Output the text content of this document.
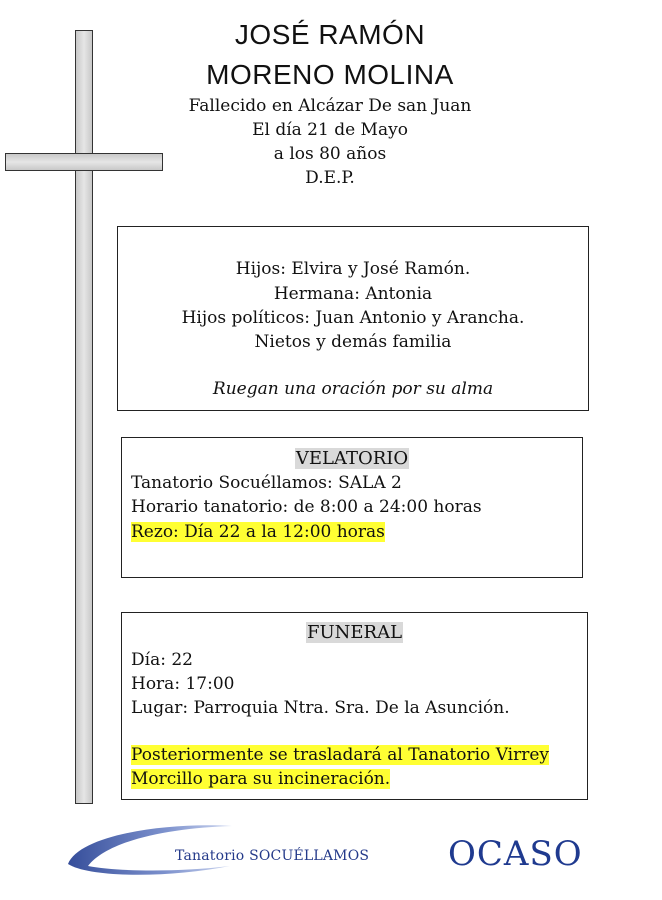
JOSÉ RAMÓN
MORENO MOLINA
Fallecido en Alcázar De san Juan
El día 21 de Mayo
a los 80 años
D.E.P.
Hijos: Elvira y José Ramón.
Hermana: Antonia
Hijos políticos: Juan Antonio y Arancha.
Nietos y demás familia
Ruegan una oración por su alma
VELATORIO
Tanatorio Socuéllamos: SALA 2
Horario tanatorio: de 8:00 a 24:00 horas
Rezo: Día 22 a la 12:00 horas
FUNERAL
Día: 22
Hora: 17:00
Lugar: Parroquia Ntra. Sra. De la Asunción.
Posteriormente se trasladará al Tanatorio Virrey
Morcillo para su incineración.
Tanatorio SOCUÉLLAMOS OCASO
